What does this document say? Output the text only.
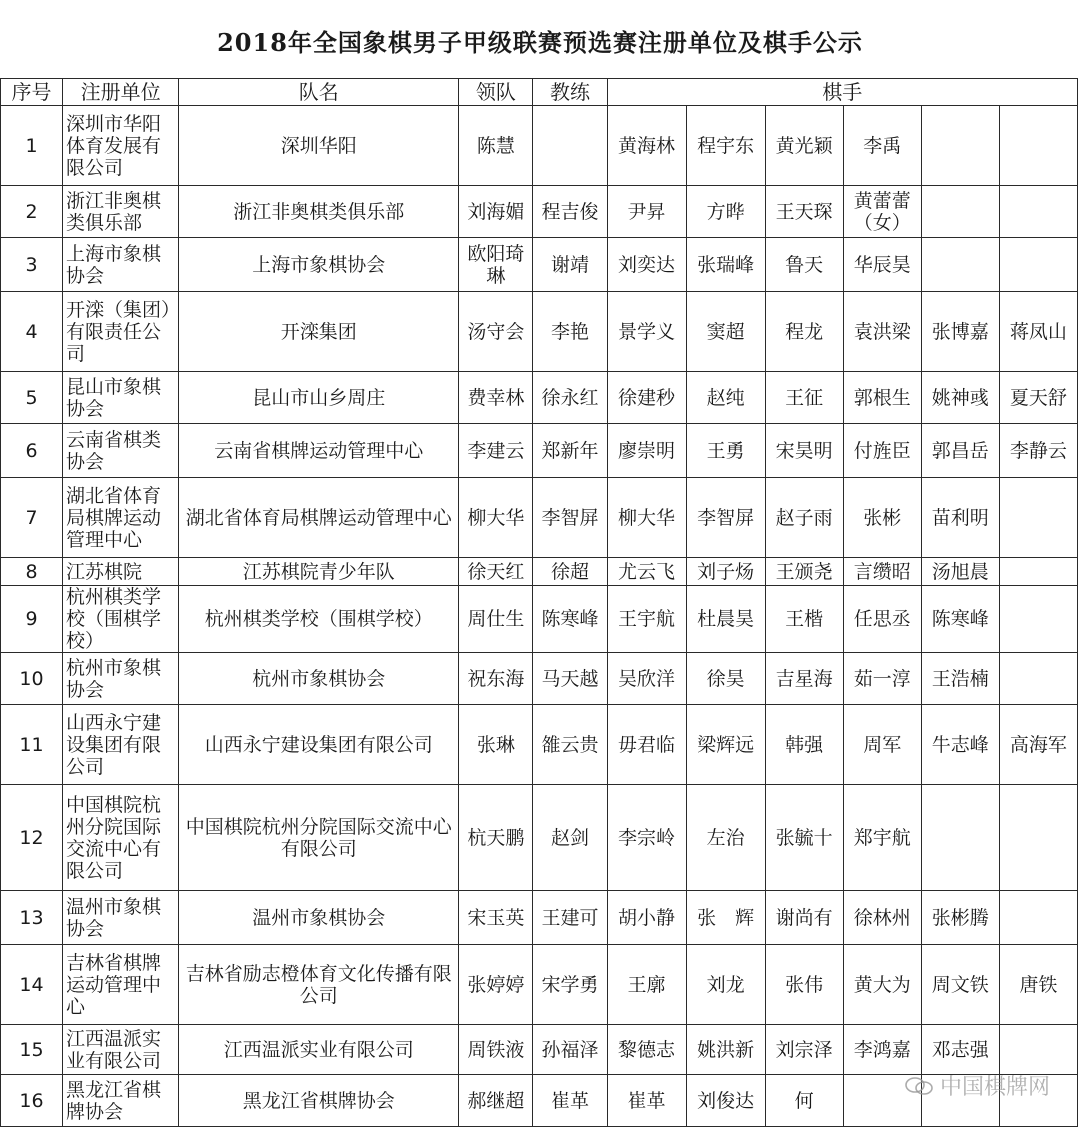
2018年全国象棋男子甲级联赛预选赛注册单位及棋手公示
序号	注册单位	队名	领队	教练	棋手					
1	深圳市华阳体育发展有限公司	深圳华阳	陈慧		黄海林	程宇东	黄光颖	李禹		
2	浙江非奥棋类俱乐部	浙江非奥棋类俱乐部	刘海媚	程吉俊	尹昇	方晔	王天琛	黄蕾蕾（女）		
3	上海市象棋协会	上海市象棋协会	欧阳琦琳	谢靖	刘奕达	张瑞峰	鲁天	华辰昊		
4	开滦（集团）有限责任公司	开滦集团	汤守会	李艳	景学义	窦超	程龙	袁洪梁	张博嘉	蒋凤山
5	昆山市象棋协会	昆山市山乡周庄	费幸林	徐永红	徐建秒	赵纯	王征	郭根生	姚神彧	夏天舒
6	云南省棋类协会	云南省棋牌运动管理中心	李建云	郑新年	廖崇明	王勇	宋昊明	付旌臣	郭昌岳	李静云
7	湖北省体育局棋牌运动管理中心	湖北省体育局棋牌运动管理中心	柳大华	李智屏	柳大华	李智屏	赵子雨	张彬	苗利明	
8	江苏棋院	江苏棋院青少年队	徐天红	徐超	尤云飞	刘子炀	王颁尧	言缵昭	汤旭晨	
9	杭州棋类学校（围棋学校）	杭州棋类学校（围棋学校）	周仕生	陈寒峰	王宇航	杜晨昊	王楷	任思丞	陈寒峰	
10	杭州市象棋协会	杭州市象棋协会	祝东海	马天越	吴欣洋	徐昊	吉星海	茹一淳	王浩楠	
11	山西永宁建设集团有限公司	山西永宁建设集团有限公司	张琳	雒云贵	毋君临	梁辉远	韩强	周军	牛志峰	高海军
12	中国棋院杭州分院国际交流中心有限公司	中国棋院杭州分院国际交流中心有限公司	杭天鹏	赵剑	李宗岭	左治	张毓十	郑宇航		
13	温州市象棋协会	温州市象棋协会	宋玉英	王建可	胡小静	张　辉	谢尚有	徐林州	张彬腾	
14	吉林省棋牌运动管理中心	吉林省励志橙体育文化传播有限公司	张婷婷	宋学勇	王廓	刘龙	张伟	黄大为	周文铁	唐铁
15	江西温派实业有限公司	江西温派实业有限公司	周铁液	孙福泽	黎德志	姚洪新	刘宗泽	李鸿嘉	邓志强	
16	黑龙江省棋牌协会	黑龙江省棋牌协会	郝继超	崔革	崔革	刘俊达	何			
中国棋牌网
